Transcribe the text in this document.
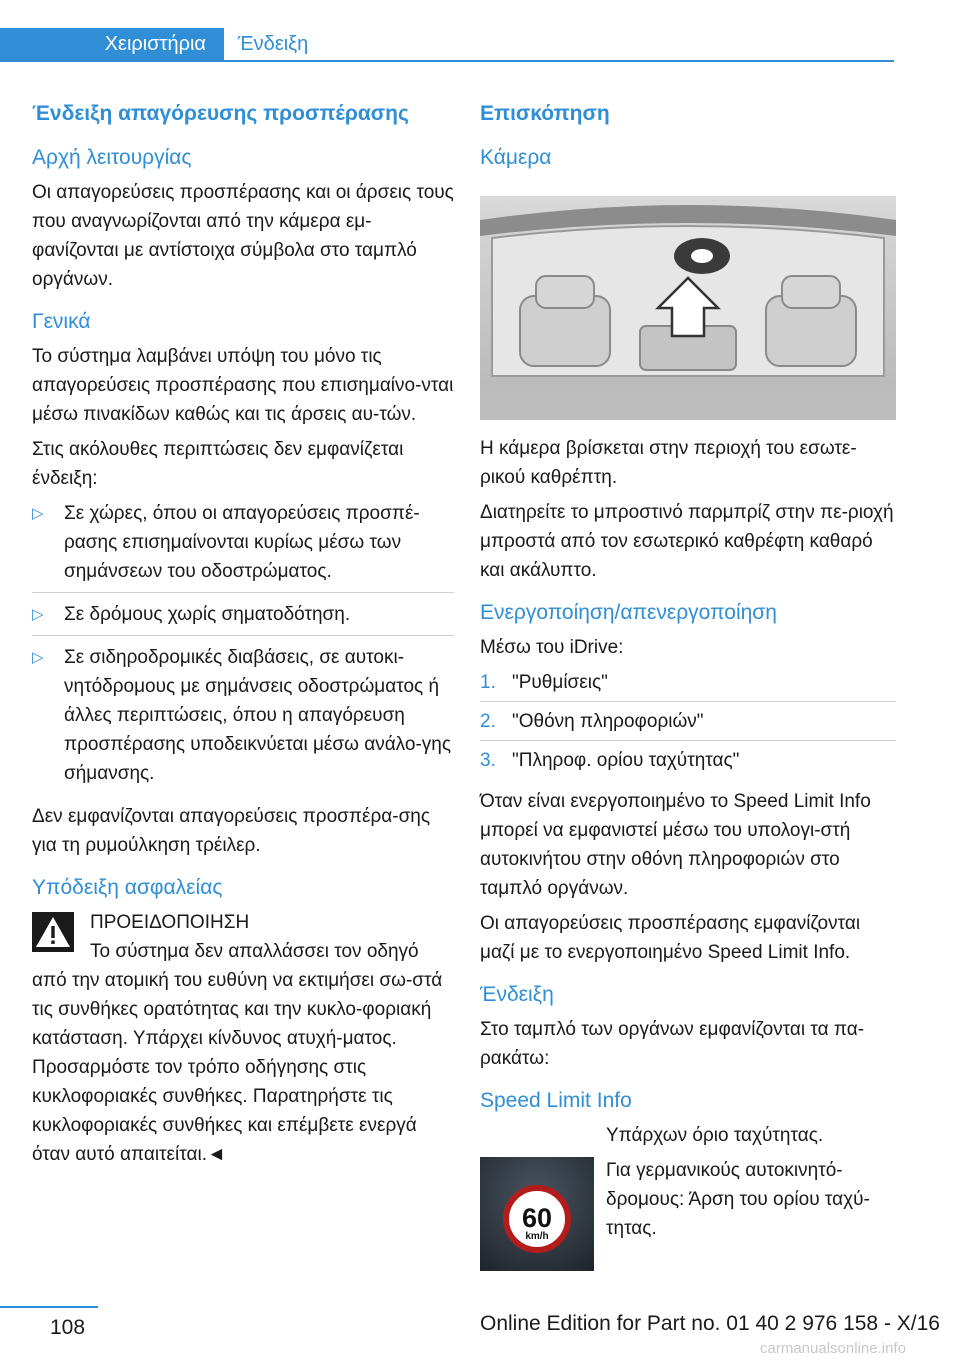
Χειριστήρια	Ένδειξη
Ένδειξη απαγόρευσης προσπέρασης
Αρχή λειτουργίας

Οι απαγορεύσεις προσπέρασης και οι άρσεις τους που αναγνωρίζονται από την κάμερα εμ‐φανίζονται με αντίστοιχα σύμβολα στο ταμπλό οργάνων.

Γενικά

Το σύστημα λαμβάνει υπόψη του μόνο τις απαγορεύσεις προσπέρασης που επισημαίνο‐νται μέσω πινακίδων καθώς και τις άρσεις αυ‐τών.

Στις ακόλουθες περιπτώσεις δεν εμφανίζεται ένδειξη:

▷ Σε χώρες, όπου οι απαγορεύσεις προσπέ‐ρασης επισημαίνονται κυρίως μέσω των σημάνσεων του οδοστρώματος.
▷ Σε δρόμους χωρίς σηματοδότηση.
▷ Σε σιδηροδρομικές διαβάσεις, σε αυτοκι‐νητόδρομους με σημάνσεις οδοστρώματος ή άλλες περιπτώσεις, όπου η απαγόρευση προσπέρασης υποδεικνύεται μέσω ανάλο‐γης σήμανσης.

Δεν εμφανίζονται απαγορεύσεις προσπέρα‐σης για τη ρυμούλκηση τρέιλερ.

Υπόδειξη ασφαλείας
ΠΡΟΕΙΔΟΠΟΙΗΣΗ
Το σύστημα δεν απαλλάσσει τον οδηγό

από την ατομική του ευθύνη να εκτιμήσει σω‐στά τις συνθήκες ορατότητας και την κυκλο‐φοριακή κατάσταση. Υπάρχει κίνδυνος ατυχή‐ματος. Προσαρμόστε τον τρόπο οδήγησης στις κυκλοφοριακές συνθήκες. Παρατηρήστε τις κυκλοφοριακές συνθήκες και επέμβετε ενεργά όταν αυτό απαιτείται.◄

Επισκόπηση
Κάμερα

Η κάμερα βρίσκεται στην περιοχή του εσωτε‐ρικού καθρέπτη.

Διατηρείτε το μπροστινό παρμπρίζ στην πε‐ριοχή μπροστά από τον εσωτερικό καθρέφτη καθαρό και ακάλυπτο.

Ενεργοποίηση/απενεργοποίηση

Μέσω του iDrive:

1. "Ρυθμίσεις"
2. "Οθόνη πληροφοριών"
3. "Πληροφ. ορίου ταχύτητας"

Όταν είναι ενεργοποιημένο το Speed Limit Info μπορεί να εμφανιστεί μέσω του υπολογι‐στή αυτοκινήτου στην οθόνη πληροφοριών στο ταμπλό οργάνων.

Οι απαγορεύσεις προσπέρασης εμφανίζονται μαζί με το ενεργοποιημένο Speed Limit Info.

Ένδειξη

Στο ταμπλό των οργάνων εμφανίζονται τα πα‐ρακάτω:

Speed Limit Info
60
km/h

Υπάρχων όριο ταχύτητας.

Για γερμανικούς αυτοκινητό‐δρομους: Άρση του ορίου ταχύ‐τητας.

108	Online Edition for Part no. 01 40 2 976 158 - X/16
carmanualsonline.info
